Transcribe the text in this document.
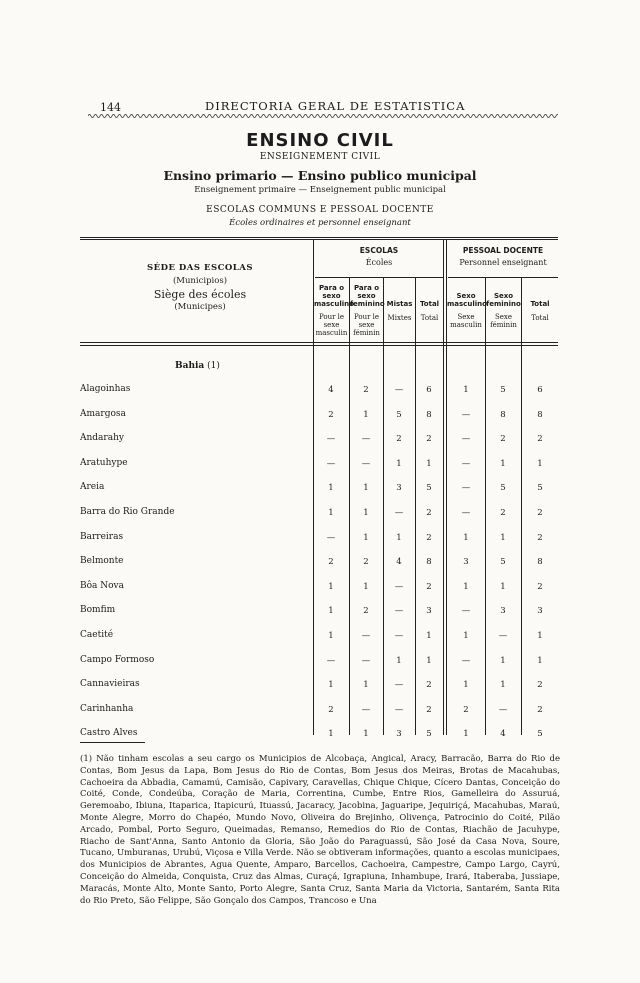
144	DIRECTORIA GERAL DE ESTATISTICA
ENSINO CIVIL
ENSEIGNEMENT CIVIL
Ensino primario — Ensino publico municipal
Enseignement primaire — Enseignement public municipal
ESCOLAS COMMUNS E PESSOAL DOCENTE
Écoles ordinaires et personnel enseignant
SÉDE DAS ESCOLAS
(Municipios)
Siège des écoles
(Municipes)
ESCOLAS
Écoles
PESSOAL DOCENTE
Personnel enseignant
Para o sexo masculino
Pour le sexe masculin
Para o sexo feminino
Pour le sexe féminin
Mistas
Mixtes
Total
Total
Sexo masculino
Sexe masculin
Sexo feminino
Sexe féminin
Total
Total
Bahia (1)
Alagoinhas	4	2	—	6	1	5	6
Amargosa	2	1	5	8	—	8	8
Andarahy	—	—	2	2	—	2	2
Aratuhype	—	—	1	1	—	1	1
Areia	1	1	3	5	—	5	5
Barra do Rio Grande	1	1	—	2	—	2	2
Barreiras	—	1	1	2	1	1	2
Belmonte	2	2	4	8	3	5	8
Bôa Nova	1	1	—	2	1	1	2
Bomfim	1	2	—	3	—	3	3
Caetité	1	—	—	1	1	—	1
Campo Formoso	—	—	1	1	—	1	1
Cannavieiras	1	1	—	2	1	1	2
Carinhanha	2	—	—	2	2	—	2
Castro Alves	1	1	3	5	1	4	5
(1) Não tinham escolas a seu cargo os Municipios de Alcobaça, Angical, Aracy, Barracão, Barra do Rio de Contas, Bom Jesus da Lapa, Bom Jesus do Rio de Contas, Bom Jesus dos Meiras, Brotas de Macahubas, Cachoeira da Abbadia, Camamú, Camisão, Capivary, Caravellas, Chique Chique, Cícero Dantas, Conceição do Coité, Conde, Condeúba, Coração de Maria, Correntina, Cumbe, Entre Rios, Gamelleira do Assuruá, Geremoabo, Ibiuna, Itaparica, Itapicurú, Ituassú, Jacaracy, Jacobina, Jaguaripe, Jequiriçá, Macahubas, Maraú, Monte Alegre, Morro do Chapéo, Mundo Novo, Oliveira do Brejinho, Olivença, Patrocinio do Coité, Pilão Arcado, Pombal, Porto Seguro, Queimadas, Remanso, Remedios do Rio de Contas, Riachão de Jacuhype, Riacho de Sant'Anna, Santo Antonio da Gloria, São João do Paraguassú, São José da Casa Nova, Soure, Tucano, Umburanas, Urubú, Viçosa e Villa Verde. Não se obtiveram informações, quanto a escolas municipaes, dos Municipios de Abrantes, Agua Quente, Amparo, Barcellos, Cachoeira, Campestre, Campo Largo, Cayrú, Conceição do Almeida, Conquista, Cruz das Almas, Curaçá, Igrapiuna, Inhambupe, Irará, Itaberaba, Jussiape, Maracás, Monte Alto, Monte Santo, Porto Alegre, Santa Cruz, Santa Maria da Victoria, Santarém, Santa Rita do Rio Preto, São Felippe, São Gonçalo dos Campos, Trancoso e Una
